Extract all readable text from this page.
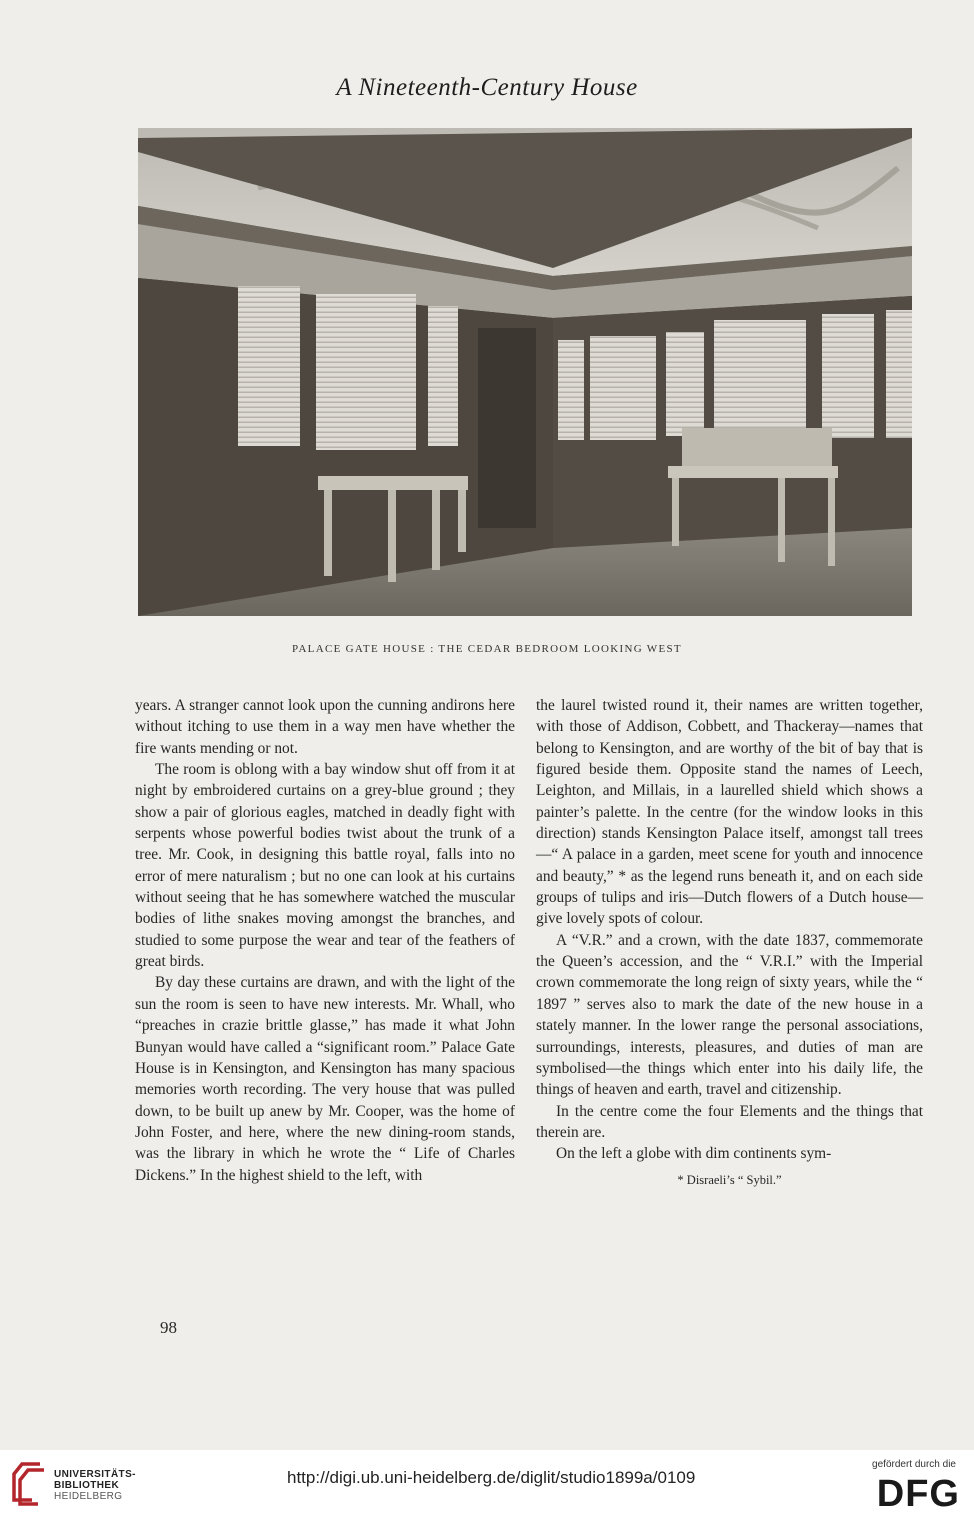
A Nineteenth-Century House
PALACE GATE HOUSE : THE CEDAR BEDROOM LOOKING WEST

years. A stranger cannot look upon the cunning andirons here without itching to use them in a way men have whether the fire wants mending or not.

The room is oblong with a bay window shut off from it at night by embroidered curtains on a grey-blue ground ; they show a pair of glorious eagles, matched in deadly fight with serpents whose powerful bodies twist about the trunk of a tree. Mr. Cook, in designing this battle royal, falls into no error of mere naturalism ; but no one can look at his curtains without seeing that he has somewhere watched the muscular bodies of lithe snakes moving amongst the branches, and studied to some purpose the wear and tear of the feathers of great birds.

By day these curtains are drawn, and with the light of the sun the room is seen to have new interests. Mr. Whall, who “preaches in crazie brittle glasse,” has made it what John Bunyan would have called a “significant room.” Palace Gate House is in Kensington, and Kensington has many spacious memories worth recording. The very house that was pulled down, to be built up anew by Mr. Cooper, was the home of John Foster, and here, where the new dining-room stands, was the library in which he wrote the “ Life of Charles Dickens.” In the highest shield to the left, with

the laurel twisted round it, their names are written together, with those of Addison, Cobbett, and Thackeray—names that belong to Kensington, and are worthy of the bit of bay that is figured beside them. Opposite stand the names of Leech, Leighton, and Millais, in a laurelled shield which shows a painter’s palette. In the centre (for the window looks in this direction) stands Kensington Palace itself, amongst tall trees—“ A palace in a garden, meet scene for youth and innocence and beauty,” * as the legend runs beneath it, and on each side groups of tulips and iris—Dutch flowers of a Dutch house—give lovely spots of colour.

A “V.R.” and a crown, with the date 1837, commemorate the Queen’s accession, and the “ V.R.I.” with the Imperial crown commemorate the long reign of sixty years, while the “ 1897 ” serves also to mark the date of the new house in a stately manner. In the lower range the personal associations, surroundings, interests, pleasures, and duties of man are symbolised—the things which enter into his daily life, the things of heaven and earth, travel and citizenship.

In the centre come the four Elements and the things that therein are.

On the left a globe with dim continents sym-

* Disraeli’s “ Sybil.”
98
UNIVERSITÄTS-
BIBLIOTHEK
HEIDELBERG
http://digi.ub.uni-heidelberg.de/diglit/studio1899a/0109
gefördert durch die
DFG
